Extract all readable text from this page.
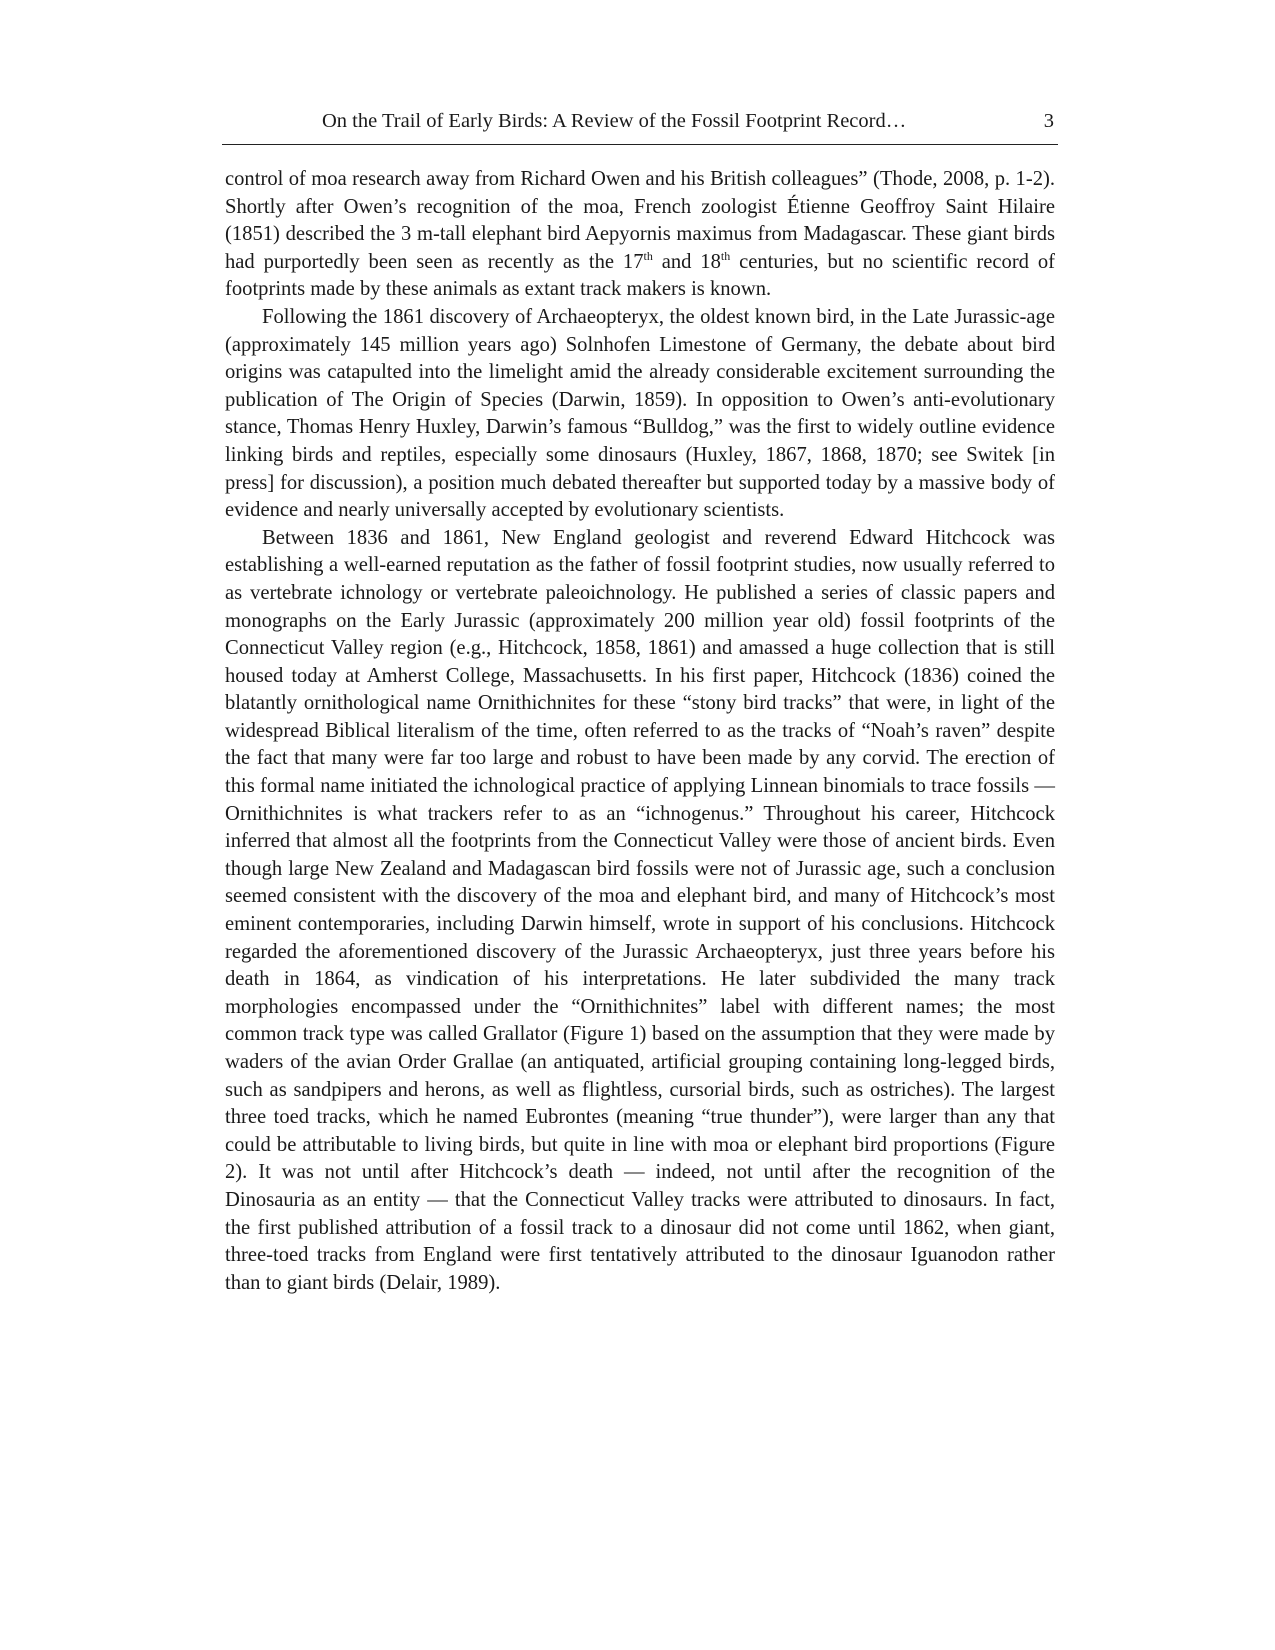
On the Trail of Early Birds: A Review of the Fossil Footprint Record…	3

control of moa research away from Richard Owen and his British colleagues” (Thode, 2008, p. 1-2). Shortly after Owen’s recognition of the moa, French zoologist Étienne Geoffroy Saint Hilaire (1851) described the 3 m-tall elephant bird Aepyornis maximus from Madagascar. These giant birds had purportedly been seen as recently as the 17th and 18th centuries, but no scientific record of footprints made by these animals as extant track makers is known.

Following the 1861 discovery of Archaeopteryx, the oldest known bird, in the Late Jurassic-age (approximately 145 million years ago) Solnhofen Limestone of Germany, the debate about bird origins was catapulted into the limelight amid the already considerable excitement surrounding the publication of The Origin of Species (Darwin, 1859). In opposition to Owen’s anti-evolutionary stance, Thomas Henry Huxley, Darwin’s famous “Bulldog,” was the first to widely outline evidence linking birds and reptiles, especially some dinosaurs (Huxley, 1867, 1868, 1870; see Switek [in press] for discussion), a position much debated thereafter but supported today by a massive body of evidence and nearly universally accepted by evolutionary scientists.

Between 1836 and 1861, New England geologist and reverend Edward Hitchcock was establishing a well-earned reputation as the father of fossil footprint studies, now usually referred to as vertebrate ichnology or vertebrate paleoichnology. He published a series of classic papers and monographs on the Early Jurassic (approximately 200 million year old) fossil footprints of the Connecticut Valley region (e.g., Hitchcock, 1858, 1861) and amassed a huge collection that is still housed today at Amherst College, Massachusetts. In his first paper, Hitchcock (1836) coined the blatantly ornithological name Ornithichnites for these “stony bird tracks” that were, in light of the widespread Biblical literalism of the time, often referred to as the tracks of “Noah’s raven” despite the fact that many were far too large and robust to have been made by any corvid. The erection of this formal name initiated the ichnological practice of applying Linnean binomials to trace fossils — Ornithichnites is what trackers refer to as an “ichnogenus.” Throughout his career, Hitchcock inferred that almost all the footprints from the Connecticut Valley were those of ancient birds. Even though large New Zealand and Madagascan bird fossils were not of Jurassic age, such a conclusion seemed consistent with the discovery of the moa and elephant bird, and many of Hitchcock’s most eminent contemporaries, including Darwin himself, wrote in support of his conclusions. Hitchcock regarded the aforementioned discovery of the Jurassic Archaeopteryx, just three years before his death in 1864, as vindication of his interpretations. He later subdivided the many track morphologies encompassed under the “Ornithichnites” label with different names; the most common track type was called Grallator (Figure 1) based on the assumption that they were made by waders of the avian Order Grallae (an antiquated, artificial grouping containing long-legged birds, such as sandpipers and herons, as well as flightless, cursorial birds, such as ostriches). The largest three toed tracks, which he named Eubrontes (meaning “true thunder”), were larger than any that could be attributable to living birds, but quite in line with moa or elephant bird proportions (Figure 2). It was not until after Hitchcock’s death — indeed, not until after the recognition of the Dinosauria as an entity — that the Connecticut Valley tracks were attributed to dinosaurs. In fact, the first published attribution of a fossil track to a dinosaur did not come until 1862, when giant, three-toed tracks from England were first tentatively attributed to the dinosaur Iguanodon rather than to giant birds (Delair, 1989).
